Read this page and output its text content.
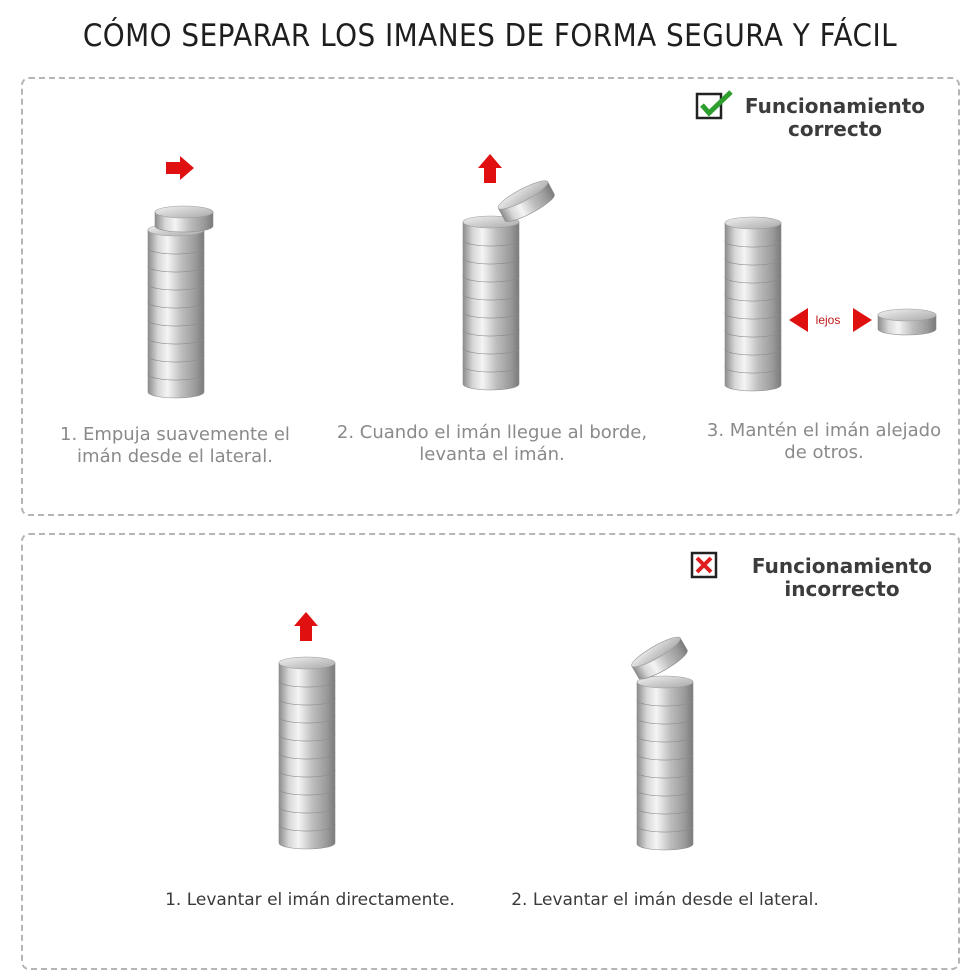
CÓMO SEPARAR LOS IMANES DE FORMA SEGURA Y FÁCIL
Funcionamiento
correcto
lejos
1. Empuja suavemente el
imán desde el lateral.
2. Cuando el imán llegue al borde,
levanta el imán.
3. Mantén el imán alejado
de otros.
Funcionamiento
incorrecto
1. Levantar el imán directamente.	2. Levantar el imán desde el lateral.
